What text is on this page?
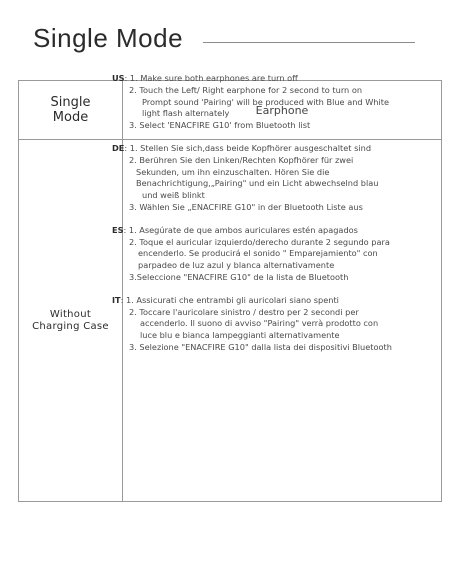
Single Mode
Single
Mode	Earphone
Without
Charging Case
US: 1. Make sure both earphones are turn off
2. Touch the Left/ Right earphone for 2 second to turn on
Prompt sound 'Pairing' will be produced with Blue and White
light flash alternately
3. Select 'ENACFIRE G10' from Bluetooth list
DE: 1. Stellen Sie sich,dass beide Kopfhörer ausgeschaltet sind
2. Berühren Sie den Linken/Rechten Kopfhörer für zwei
Sekunden, um ihn einzuschalten. Hören Sie die
Benachrichtigung,„Pairing" und ein Licht abwechselnd blau
und weiß blinkt
3. Wählen Sie „ENACFIRE G10" in der Bluetooth Liste aus
ES: 1. Asegúrate de que ambos auriculares estén apagados
2. Toque el auricular izquierdo/derecho durante 2 segundo para
encenderlo. Se producirá el sonido " Emparejamiento" con
parpadeo de luz azul y blanca alternativamente
3.Seleccione "ENACFIRE G10" de la lista de Bluetooth
IT: 1. Assicurati che entrambi gli auricolari siano spenti
2. Toccare l'auricolare sinistro / destro per 2 secondi per
accenderlo. Il suono di avviso "Pairing" verrà prodotto con
luce blu e bianca lampeggianti alternativamente
3. Selezione "ENACFIRE G10" dalla lista dei dispositivi Bluetooth
